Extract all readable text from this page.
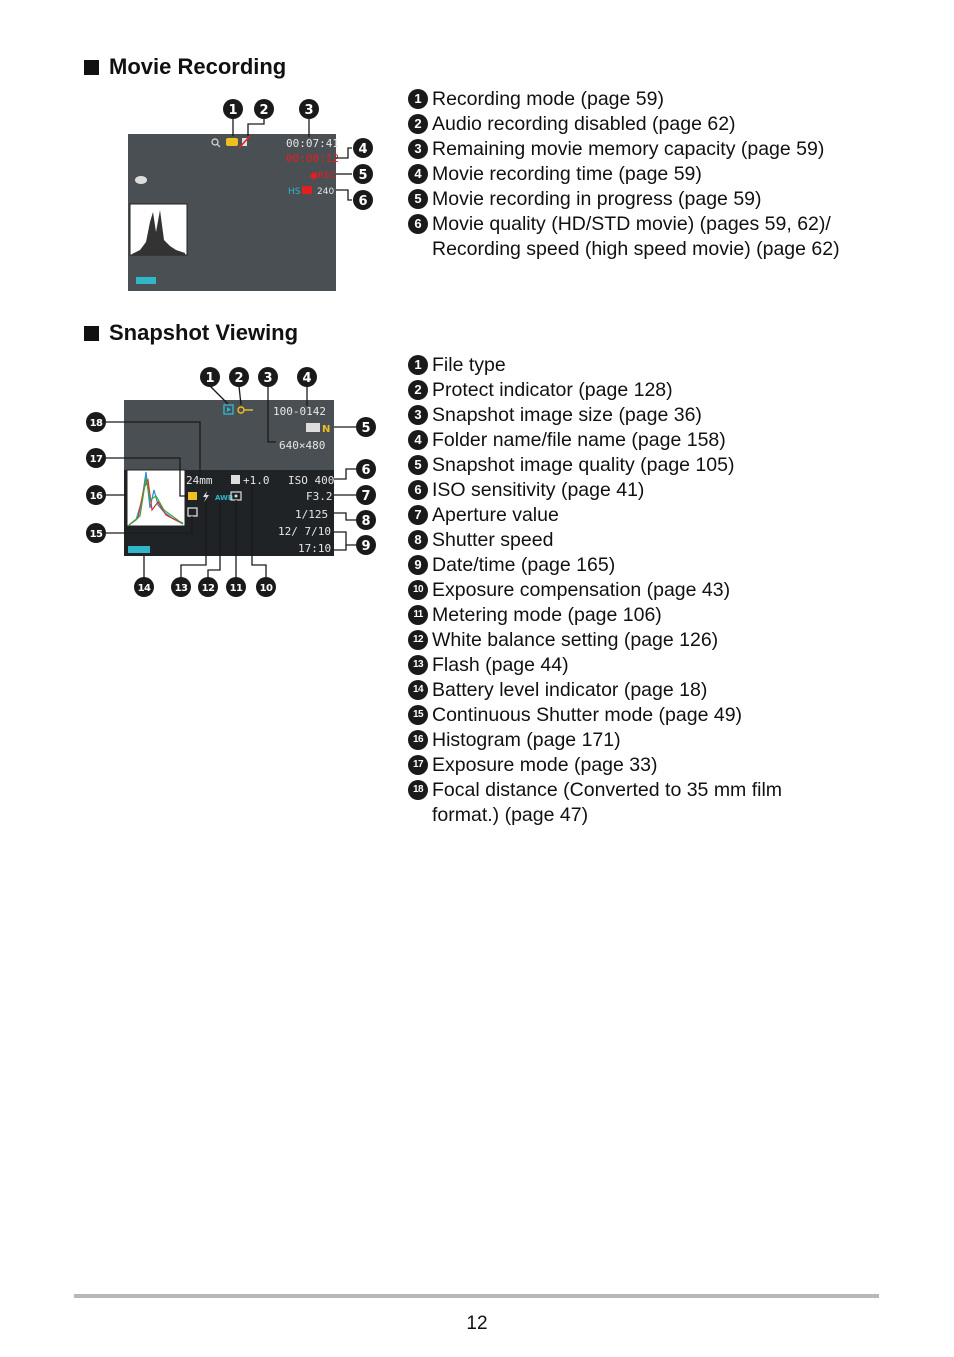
Movie Recording
00:07:41
00:00:12
●REC
HS 240
1 2	3
4
5
6
1 Recording mode (page 59)
2 Audio recording disabled (page 62)
3 Remaining movie memory capacity (page 59)
4 Movie recording time (page 59)
5 Movie recording in progress (page 59)
6 Movie quality (HD/STD movie) (pages 59, 62)/
Recording speed (high speed movie) (page 62)
Snapshot Viewing
100-0142
N
640×480
24mm	+1.0 ISO 400
F3.2
1/125
12/ 7/10
17:10
AWB
1 2 3 4
5
6
7
8
9
18
17
16
15
14 13 12 11 10
1 File type
2 Protect indicator (page 128)
3 Snapshot image size (page 36)
4 Folder name/file name (page 158)
5 Snapshot image quality (page 105)
6 ISO sensitivity (page 41)
7 Aperture value
8 Shutter speed
9 Date/time (page 165)
10 Exposure compensation (page 43)
11 Metering mode (page 106)
12 White balance setting (page 126)
13 Flash (page 44)
14 Battery level indicator (page 18)
15 Continuous Shutter mode (page 49)
16 Histogram (page 171)
17 Exposure mode (page 33)
18 Focal distance (Converted to 35 mm film
format.) (page 47)
12
